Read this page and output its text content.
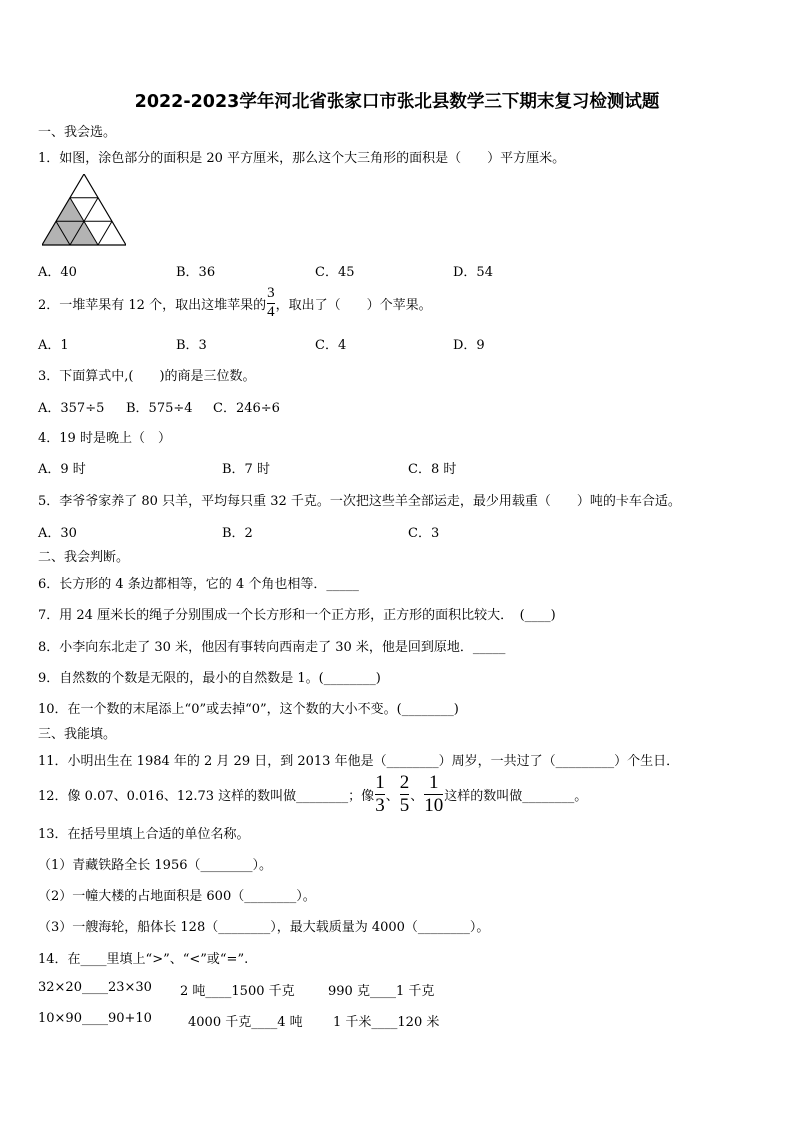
2022-2023学年河北省张家口市张北县数学三下期末复习检测试题
一、我会选。
1．如图，涂色部分的面积是 20 平方厘米，那么这个大三角形的面积是（　　）平方厘米。
A．40	B．36	C．45	D．54
2．一堆苹果有 12 个，取出这堆苹果的 $\frac{3}{4}$ ，取出了（　　）个苹果。
A．1	B．3	C．4	D．9
3．下面算式中,(　　)的商是三位数。
A．357÷5 B．575÷4 C．246÷6
4．19 时是晚上（　）
A．9 时	B．7 时	C．8 时
5．李爷爷家养了 80 只羊，平均每只重 32 千克。一次把这些羊全部运走，最少用载重（　　）吨的卡车合适。
A．30	B．2	C．3
二、我会判断。
6．长方形的 4 条边都相等，它的 4 个角也相等．_____
7．用 24 厘米长的绳子分别围成一个长方形和一个正方形，正方形的面积比较大．　(____)
8．小李向东北走了 30 米，他因有事转向西南走了 30 米，他是回到原地．_____
9．自然数的个数是无限的，最小的自然数是 1。(________)
10．在一个数的末尾添上“0”或去掉“0”，这个数的大小不变。(________)
三、我能填。
11．小明出生在 1984 年的 2 月 29 日，到 2013 年他是（________）周岁，一共过了（_________）个生日．
12．像 0.07、0.016、12.73 这样的数叫做________；像 $\frac{1}{3}$ 、 $\frac{2}{5}$ 、 $\frac{1}{10}$ 这样的数叫做________。
13．在括号里填上合适的单位名称。
（1）青藏铁路全长 1956（________）。
（2）一幢大楼的占地面积是 600（________）。
（3）一艘海轮，船体长 128（________），最大载质量为 4000（________）。
14．在____里填上“>”、“<”或“=”.
32×20____23×30 2 吨____1500 千克	990 克____1 千克
10×90____90+10	4000 千克____4 吨 1 千米____120 米
